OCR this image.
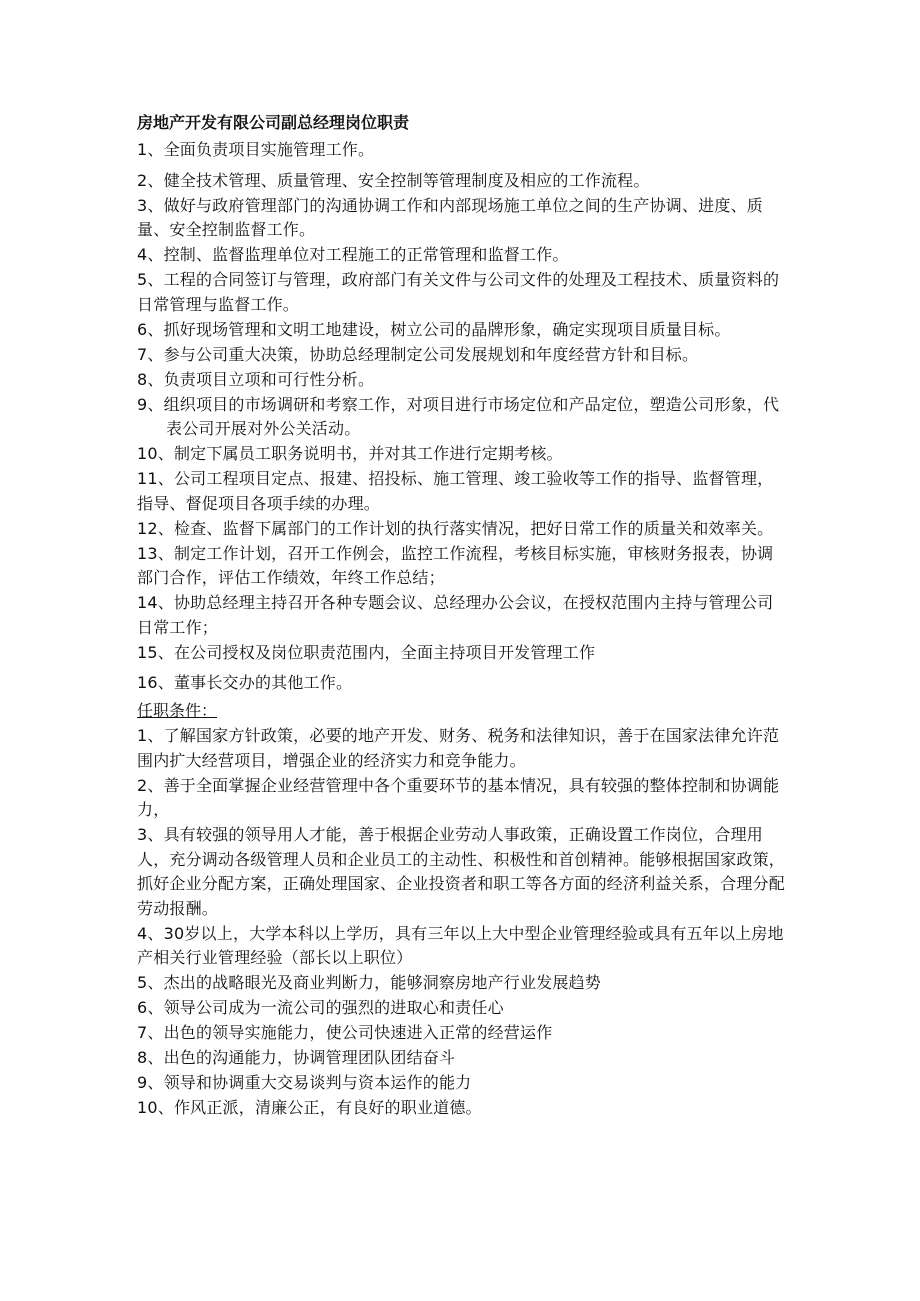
房地产开发有限公司副总经理岗位职责
1、全面负责项目实施管理工作。
2、健全技术管理、质量管理、安全控制等管理制度及相应的工作流程。
3、做好与政府管理部门的沟通协调工作和内部现场施工单位之间的生产协调、进度、质量、安全控制监督工作。
4、控制、监督监理单位对工程施工的正常管理和监督工作。
5、工程的合同签订与管理，政府部门有关文件与公司文件的处理及工程技术、质量资料的日常管理与监督工作。
6、抓好现场管理和文明工地建设，树立公司的晶牌形象，确定实现项目质量目标。
7、参与公司重大决策，协助总经理制定公司发展规划和年度经营方针和目标。
8、负责项目立项和可行性分析。
9、组织项目的市场调研和考察工作，对项目进行市场定位和产品定位，塑造公司形象，代表公司开展对外公关活动。
10、制定下属员工职务说明书，并对其工作进行定期考核。
11、公司工程项目定点、报建、招投标、施工管理、竣工验收等工作的指导、监督管理，指导、督促项目各项手续的办理。
12、检查、监督下属部门的工作计划的执行落实情况，把好日常工作的质量关和效率关。
13、制定工作计划，召开工作例会，监控工作流程，考核目标实施，审核财务报表，协调部门合作，评估工作绩效，年终工作总结；
14、协助总经理主持召开各种专题会议、总经理办公会议，在授权范围内主持与管理公司日常工作；
15、在公司授权及岗位职责范围内，全面主持项目开发管理工作
16、董事长交办的其他工作。
任职条件：
1、了解国家方针政策，必要的地产开发、财务、税务和法律知识，善于在国家法律允许范围内扩大经营项目，增强企业的经济实力和竞争能力。
2、善于全面掌握企业经营管理中各个重要环节的基本情况，具有较强的整体控制和协调能力，
3、具有较强的领导用人才能，善于根据企业劳动人事政策，正确设置工作岗位，合理用人，充分调动各级管理人员和企业员工的主动性、积极性和首创精神。能够根据国家政策，抓好企业分配方案，正确处理国家、企业投资者和职工等各方面的经济利益关系，合理分配劳动报酬。
4、30岁以上，大学本科以上学历，具有三年以上大中型企业管理经验或具有五年以上房地产相关行业管理经验（部长以上职位）
5、杰出的战略眼光及商业判断力，能够洞察房地产行业发展趋势
6、领导公司成为一流公司的强烈的进取心和责任心
7、出色的领导实施能力，使公司快速进入正常的经营运作
8、出色的沟通能力，协调管理团队团结奋斗
9、领导和协调重大交易谈判与资本运作的能力
10、作风正派，清廉公正，有良好的职业道德。
